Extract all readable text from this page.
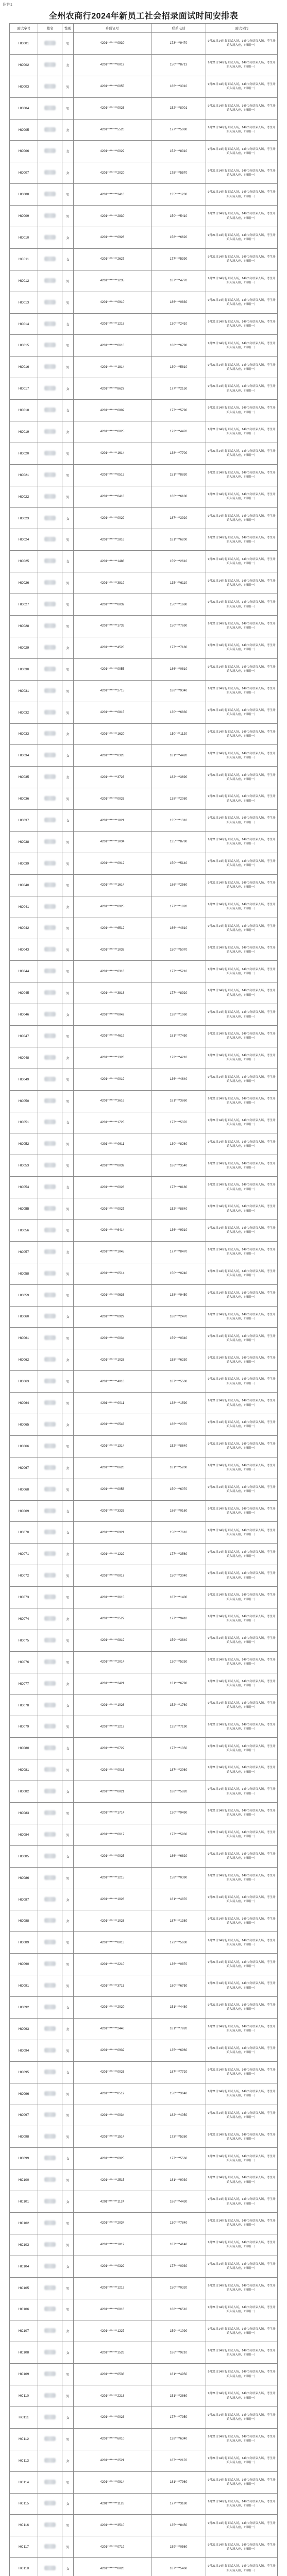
附件1
全州农商行2024年新员工社会招录面试时间安排表
面试序号	姓名	性别	身份证号	联系电话	面试时间
HC001		男	4201********0930	173****9470	9月21日14时起面试入场，14时0分结束入场，考生开始入场入座，（每组一）
HC002		女	4201********0019	150****8713	9月21日14时起面试入场，14时0分结束入场，考生开始入场入座，（每组一）
HC003		男	4201********0055	186****3010	9月21日14时起面试入场，14时0分结束入场，考生开始入场入座，（每组一）
HC004		男	4201********0026	152****8001	9月21日14时起面试入场，14时0分结束入场，考生开始入场入座，（每组一）
HC005		女	4201********5520	177****5080	9月21日14时起面试入场，14时0分结束入场，考生开始入场入座，（每组一）
HC006		女	4201********0029	152****8310	9月21日14时起面试入场，14时0分结束入场，考生开始入场入座，（每组一）
HC007		女	4201********2020	175****5570	9月21日14时起面试入场，14时0分结束入场，考生开始入场入座，（每组一）
HC008		男	4201********3416	135****1230	9月21日14时起面试入场，14时0分结束入场，考生开始入场入座，（每组一）
HC009		男	4201********2830	150****5410	9月21日14时起面试入场，14时0分结束入场，考生开始入场入座，（每组一）
HC010		女	4201********0926	158****6620	9月21日14时起面试入场，14时0分结束入场，考生开始入场入座，（每组一）
HC011		女	4201********2627	177****5390	9月21日14时起面试入场，14时0分结束入场，考生开始入场入座，（每组一）
HC012		男	4201********1235	187****4770	9月21日14时起面试入场，14时0分结束入场，考生开始入场入座，（每组一）
HC013		男	4201********0910	186****0830	9月21日14时起面试入场，14时0分结束入场，考生开始入场入座，（每组一）
HC014		女	4201********1218	130****2410	9月21日14时起面试入场，14时0分结束入场，考生开始入场入座，（每组一）
HC015		男	4201********0610	188****6790	9月21日14时起面试入场，14时0分结束入场，考生开始入场入座，（每组一）
HC016		男	4201********1814	130****5810	9月21日14时起面试入场，14时0分结束入场，考生开始入场入座，（每组一）
HC017		女	4201********8627	177****2150	9月21日14时起面试入场，14时0分结束入场，考生开始入场入座，（每组一）
HC018		女	4201********0802	177****5790	9月21日14时起面试入场，14时0分结束入场，考生开始入场入座，（每组一）
HC019		女	4201********0025	173****4470	9月21日14时起面试入场，14时0分结束入场，考生开始入场入座，（每组一）
HC020		男	4201********1614	138****7700	9月21日14时起面试入场，14时0分结束入场，考生开始入场入座，（每组一）
HC021		男	4201********0513	151****8830	9月21日14时起面试入场，14时0分结束入场，考生开始入场入座，（每组一）
HC022		男	4201********0418	166****6100	9月21日14时起面试入场，14时0分结束入场，考生开始入场入座，（每组一）
HC023		女	4201********0029	187****3920	9月21日14时起面试入场，14时0分结束入场，考生开始入场入座，（每组一）
HC024		男	4201********2816	181****6200	9月21日14时起面试入场，14时0分结束入场，考生开始入场入座，（每组一）
HC025		女	4201********1488	159****2610	9月21日14时起面试入场，14时0分结束入场，考生开始入场入座，（每组一）
HC026		男	4201********3819	135****6110	9月21日14时起面试入场，14时0分结束入场，考生开始入场入座，（每组一）
HC027		男	4201********0032	150****1680	9月21日14时起面试入场，14时0分结束入场，考生开始入场入座，（每组一）
HC028		男	4201********1733	150****7690	9月21日14时起面试入场，14时0分结束入场，考生开始入场入座，（每组一）
HC029		女	4201********4520	177****7180	9月21日14时起面试入场，14时0分结束入场，考生开始入场入座，（每组一）
HC030		男	4201********0055	186****0810	9月21日14时起面试入场，14时0分结束入场，考生开始入场入座，（每组一）
HC031		男	4201********2715	188****9340	9月21日14时起面试入场，14时0分结束入场，考生开始入场入座，（每组一）
HC032		男	4201********0815	130****6830	9月21日14时起面试入场，14时0分结束入场，考生开始入场入座，（每组一）
HC033		女	4201********1620	150****1120	9月21日14时起面试入场，14时0分结束入场，考生开始入场入座，（每组一）
HC034		女	4201********0328	181****4420	9月21日14时起面试入场，14时0分结束入场，考生开始入场入座，（每组一）
HC035		女	4201********3723	182****3690	9月21日14时起面试入场，14时0分结束入场，考生开始入场入座，（每组一）
HC036		男	4201********0026	138****2080	9月21日14时起面试入场，14时0分结束入场，考生开始入场入座，（每组一）
HC037		女	4201********1021	135****1310	9月21日14时起面试入场，14时0分结束入场，考生开始入场入座，（每组一）
HC038		男	4201********1034	135****8780	9月21日14时起面试入场，14时0分结束入场，考生开始入场入座，（每组一）
HC039		男	4201********0912	150****5140	9月21日14时起面试入场，14时0分结束入场，考生开始入场入座，（每组一）
HC040		男	4201********1614	186****2560	9月21日14时起面试入场，14时0分结束入场，考生开始入场入座，（每组一）
HC041		女	4201********0925	177****1820	9月21日14时起面试入场，14时0分结束入场，考生开始入场入座，（每组一）
HC042		男	4201********6512	166****4810	9月21日14时起面试入场，14时0分结束入场，考生开始入场入座，（每组一）
HC043		男	4201********1038	150****5070	9月21日14时起面试入场，14时0分结束入场，考生开始入场入座，（每组一）
HC044		男	4201********0316	177****5210	9月21日14时起面试入场，14时0分结束入场，考生开始入场入座，（每组一）
HC045		男	4201********3818	177****8920	9月21日14时起面试入场，14时0分结束入场，考生开始入场入座，（每组一）
HC046		女	4201********0042	138****1060	9月21日14时起面试入场，14时0分结束入场，考生开始入场入座，（每组一）
HC047		男	4201********4619	181****7450	9月21日14时起面试入场，14时0分结束入场，考生开始入场入座，（每组一）
HC048		女	4201********1320	173****4210	9月21日14时起面试入场，14时0分结束入场，考生开始入场入座，（每组一）
HC049		男	4201********0019	136****4640	9月21日14时起面试入场，14时0分结束入场，考生开始入场入座，（每组一）
HC050		男	4201********3616	181****3860	9月21日14时起面试入场，14时0分结束入场，考生开始入场入座，（每组一）
HC051		女	4201********1725	177****5370	9月21日14时起面试入场，14时0分结束入场，考生开始入场入座，（每组一）
HC052		男	4201********0611	130****8260	9月21日14时起面试入场，14时0分结束入场，考生开始入场入座，（每组一）
HC053		男	4201********0039	186****3540	9月21日14时起面试入场，14时0分结束入场，考生开始入场入座，（每组一）
HC054		女	4201********0028	177****8180	9月21日14时起面试入场，14时0分结束入场，考生开始入场入座，（每组一）
HC055		男	4201********0027	152****8840	9月21日14时起面试入场，14时0分结束入场，考生开始入场入座，（每组一）
HC056		男	4201********6414	136****9310	9月21日14时起面试入场，14时0分结束入场，考生开始入场入座，（每组一）
HC057		女	4201********1045	177****8470	9月21日14时起面试入场，14时0分结束入场，考生开始入场入座，（每组一）
HC058		男	4201********0514	150****0240	9月21日14时起面试入场，14时0分结束入场，考生开始入场入座，（每组一）
HC059		男	4201********0636	138****9450	9月21日14时起面试入场，14时0分结束入场，考生开始入场入座，（每组一）
HC060		女	4201********0929	188****2470	9月21日14时起面试入场，14时0分结束入场，考生开始入场入座，（每组一）
HC061		男	4201********0034	159****0340	9月21日14时起面试入场，14时0分结束入场，考生开始入场入座，（每组一）
HC062		女	4201********1028	158****6230	9月21日14时起面试入场，14时0分结束入场，考生开始入场入座，（每组一）
HC063		男	4201********4010	187****5500	9月21日14时起面试入场，14时0分结束入场，考生开始入场入座，（每组一）
HC064		男	4201********0011	138****1590	9月21日14时起面试入场，14时0分结束入场，考生开始入场入座，（每组一）
HC065		女	4201********0543	186****2070	9月21日14时起面试入场，14时0分结束入场，考生开始入场入座，（每组一）
HC066		男	4201********1314	152****8640	9月21日14时起面试入场，14时0分结束入场，考生开始入场入座，（每组一）
HC067		女	4201********0620	181****5200	9月21日14时起面试入场，14时0分结束入场，考生开始入场入座，（每组一）
HC068		男	4201********0058	150****6070	9月21日14时起面试入场，14时0分结束入场，考生开始入场入座，（每组一）
HC069		女	4201********3326	186****0160	9月21日14时起面试入场，14时0分结束入场，考生开始入场入座，（每组一）
HC070		女	4201********0921	150****7610	9月21日14时起面试入场，14时0分结束入场，考生开始入场入座，（每组一）
HC071		女	4201********1222	177****3560	9月21日14时起面试入场，14时0分结束入场，考生开始入场入座，（每组一）
HC072		男	4201********0017	150****3040	9月21日14时起面试入场，14时0分结束入场，考生开始入场入座，（每组一）
HC073		男	4201********3615	187****1400	9月21日14时起面试入场，14时0分结束入场，考生开始入场入座，（每组一）
HC074		女	4201********2527	177****9410	9月21日14时起面试入场，14时0分结束入场，考生开始入场入座，（每组一）
HC075		男	4201********0819	159****3840	9月21日14时起面试入场，14时0分结束入场，考生开始入场入座，（每组一）
HC076		男	4201********2014	130****5250	9月21日14时起面试入场，14时0分结束入场，考生开始入场入座，（每组一）
HC077		女	4201********2421	131****6790	9月21日14时起面试入场，14时0分结束入场，考生开始入场入座，（每组一）
HC078		女	4201********1026	152****1760	9月21日14时起面试入场，14时0分结束入场，考生开始入场入座，（每组一）
HC079		男	4201********1212	135****7190	9月21日14时起面试入场，14时0分结束入场，考生开始入场入座，（每组一）
HC080		女	4201********0722	177****1350	9月21日14时起面试入场，14时0分结束入场，考生开始入场入座，（每组一）
HC081		男	4201********0016	187****3060	9月21日14时起面试入场，14时0分结束入场，考生开始入场入座，（每组一）
HC082		女	4201********0021	188****5820	9月21日14时起面试入场，14时0分结束入场，考生开始入场入座，（每组一）
HC083		男	4201********1714	130****9490	9月21日14时起面试入场，14时0分结束入场，考生开始入场入座，（每组一）
HC084		男	4201********0617	177****5930	9月21日14时起面试入场，14时0分结束入场，考生开始入场入座，（每组一）
HC085		女	4201********0025	186****6820	9月21日14时起面试入场，14时0分结束入场，考生开始入场入座，（每组一）
HC086		男	4201********1215	158****0390	9月21日14时起面试入场，14时0分结束入场，考生开始入场入座，（每组一）
HC087		女	4201********1028	181****4870	9月21日14时起面试入场，14时0分结束入场，考生开始入场入座，（每组一）
HC088		女	4201********1028	187****1380	9月21日14时起面试入场，14时0分结束入场，考生开始入场入座，（每组一）
HC089		男	4201********0013	173****5630	9月21日14时起面试入场，14时0分结束入场，考生开始入场入座，（每组一）
HC090		男	4201********2210	136****0870	9月21日14时起面试入场，14时0分结束入场，考生开始入场入座，（每组一）
HC091		男	4201********3715	180****6750	9月21日14时起面试入场，14时0分结束入场，考生开始入场入座，（每组一）
HC092		女	4201********2020	151****4480	9月21日14时起面试入场，14时0分结束入场，考生开始入场入座，（每组一）
HC093		女	4201********2446	181****7920	9月21日14时起面试入场，14时0分结束入场，考生开始入场入座，（每组一）
HC094		男	4201********0932	135****6960	9月21日14时起面试入场，14时0分结束入场，考生开始入场入座，（每组一）
HC095		女	4201********0026	187****7720	9月21日14时起面试入场，14时0分结束入场，考生开始入场入座，（每组一）
HC096		男	4201********0512	150****3640	9月21日14时起面试入场，14时0分结束入场，考生开始入场入座，（每组一）
HC097		男	4201********0034	182****4050	9月21日14时起面试入场，14时0分结束入场，考生开始入场入座，（每组一）
HC098		男	4201********1514	173****5260	9月21日14时起面试入场，14时0分结束入场，考生开始入场入座，（每组一）
HC099		女	4201********0925	177****5560	9月21日14时起面试入场，14时0分结束入场，考生开始入场入座，（每组一）
HC100		男	4201********2515	181****9030	9月21日14时起面试入场，14时0分结束入场，考生开始入场入座，（每组一）
HC101		女	4201********1124	186****4430	9月21日14时起面试入场，14时0分结束入场，考生开始入场入座，（每组一）
HC102		男	4201********2034	130****7840	9月21日14时起面试入场，14时0分结束入场，考生开始入场入座，（每组一）
HC103		男	4201********1812	187****4140	9月21日14时起面试入场，14时0分结束入场，考生开始入场入座，（每组一）
HC104		女	4201********0329	177****0930	9月21日14时起面试入场，14时0分结束入场，考生开始入场入座，（每组一）
HC105		男	4201********1212	150****0320	9月21日14时起面试入场，14时0分结束入场，考生开始入场入座，（每组一）
HC106		男	4201********0016	188****6510	9月21日14时起面试入场，14时0分结束入场，考生开始入场入座，（每组一）
HC107		女	4201********1227	159****1090	9月21日14时起面试入场，14时0分结束入场，考生开始入场入座，（每组一）
HC108		女	4201********1526	186****9210	9月21日14时起面试入场，14时0分结束入场，考生开始入场入座，（每组一）
HC109		男	4201********0538	181****4950	9月21日14时起面试入场，14时0分结束入场，考生开始入场入座，（每组一）
HC110		男	4201********2218	151****3860	9月21日14时起面试入场，14时0分结束入场，考生开始入场入座，（每组一）
HC111		女	4201********0023	177****7950	9月21日14时起面试入场，14时0分结束入场，考生开始入场入座，（每组一）
HC112		男	4201********6010	138****6340	9月21日14时起面试入场，14时0分结束入场，考生开始入场入座，（每组一）
HC113		女	4201********2521	187****2170	9月21日14时起面试入场，14时0分结束入场，考生开始入场入座，（每组一）
HC114		男	4201********0914	181****7960	9月21日14时起面试入场，14时0分结束入场，考生开始入场入座，（每组一）
HC115		女	4201********1128	177****3180	9月21日14时起面试入场，14时0分结束入场，考生开始入场入座，（每组一）
HC116		男	4201********3510	135****8450	9月21日14时起面试入场，14时0分结束入场，考生开始入场入座，（每组一）
HC117		男	4201********0719	159****0560	9月21日14时起面试入场，14时0分结束入场，考生开始入场入座，（每组一）
HC118		女	4201********0026	187****5460	9月21日14时起面试入场，14时0分结束入场，考生开始入场入座，（每组一）
